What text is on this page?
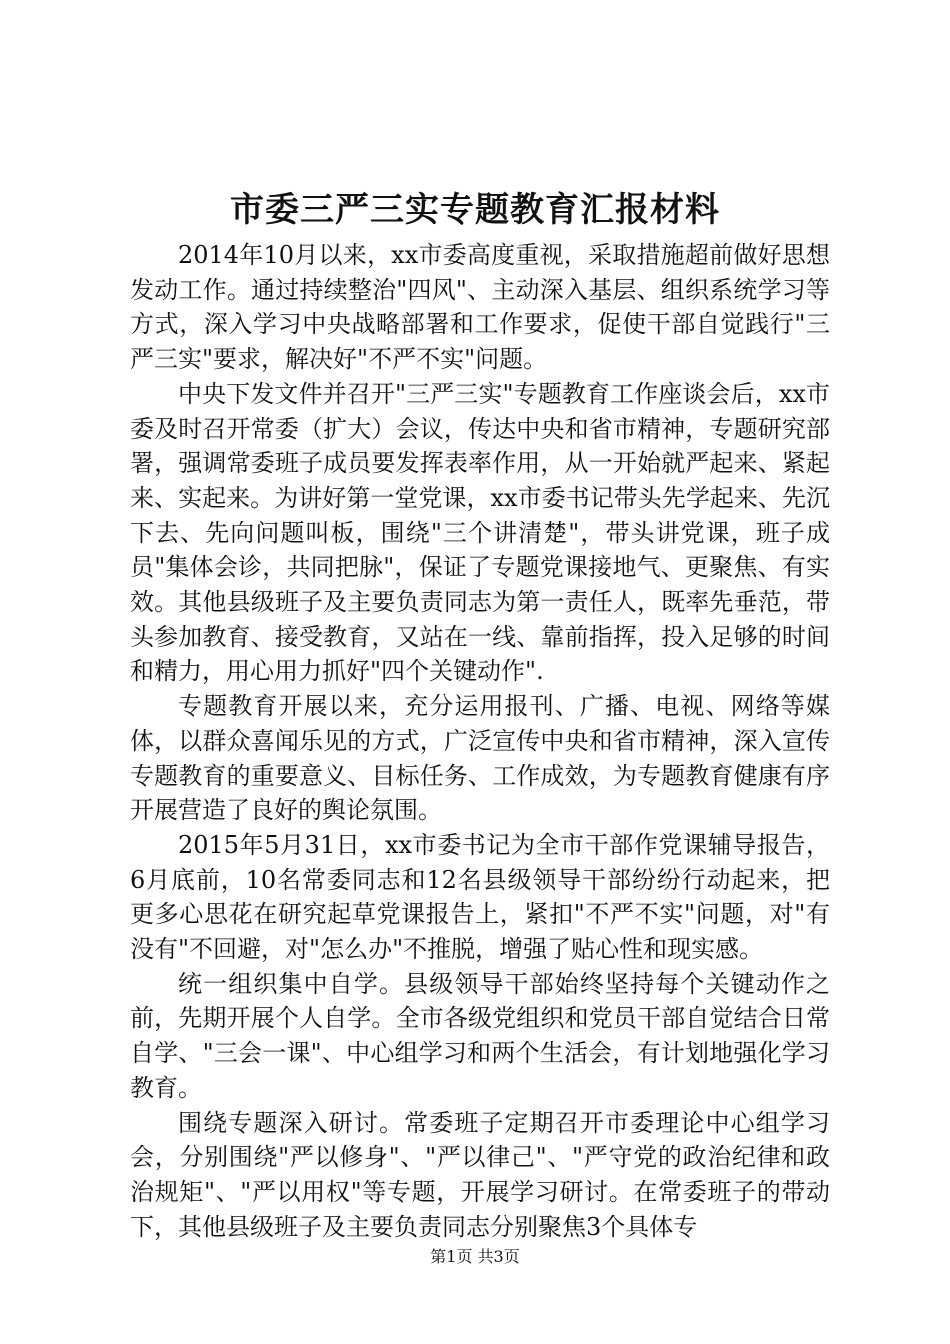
市委三严三实专题教育汇报材料

2014年10月以来，xx市委高度重视，采取措施超前做好思想发动工作。通过持续整治"四风"、主动深入基层、组织系统学习等方式，深入学习中央战略部署和工作要求，促使干部自觉践行"三严三实"要求，解决好"不严不实"问题。

中央下发文件并召开"三严三实"专题教育工作座谈会后，xx市委及时召开常委（扩大）会议，传达中央和省市精神，专题研究部署，强调常委班子成员要发挥表率作用，从一开始就严起来、紧起来、实起来。为讲好第一堂党课，xx市委书记带头先学起来、先沉下去、先向问题叫板，围绕"三个讲清楚"，带头讲党课，班子成员"集体会诊，共同把脉"，保证了专题党课接地气、更聚焦、有实效。其他县级班子及主要负责同志为第一责任人，既率先垂范，带头参加教育、接受教育，又站在一线、靠前指挥，投入足够的时间和精力，用心用力抓好"四个关键动作".

专题教育开展以来，充分运用报刊、广播、电视、网络等媒体，以群众喜闻乐见的方式，广泛宣传中央和省市精神，深入宣传专题教育的重要意义、目标任务、工作成效，为专题教育健康有序开展营造了良好的舆论氛围。

2015年5月31日，xx市委书记为全市干部作党课辅导报告，6月底前，10名常委同志和12名县级领导干部纷纷行动起来，把更多心思花在研究起草党课报告上，紧扣"不严不实"问题，对"有没有"不回避，对"怎么办"不推脱，增强了贴心性和现实感。

统一组织集中自学。县级领导干部始终坚持每个关键动作之前，先期开展个人自学。全市各级党组织和党员干部自觉结合日常自学、"三会一课"、中心组学习和两个生活会，有计划地强化学习教育。

围绕专题深入研讨。常委班子定期召开市委理论中心组学习会，分别围绕"严以修身"、"严以律己"、"严守党的政治纪律和政治规矩"、"严以用权"等专题，开展学习研讨。在常委班子的带动下，其他县级班子及主要负责同志分别聚焦3个具体专

第1页 共3页
